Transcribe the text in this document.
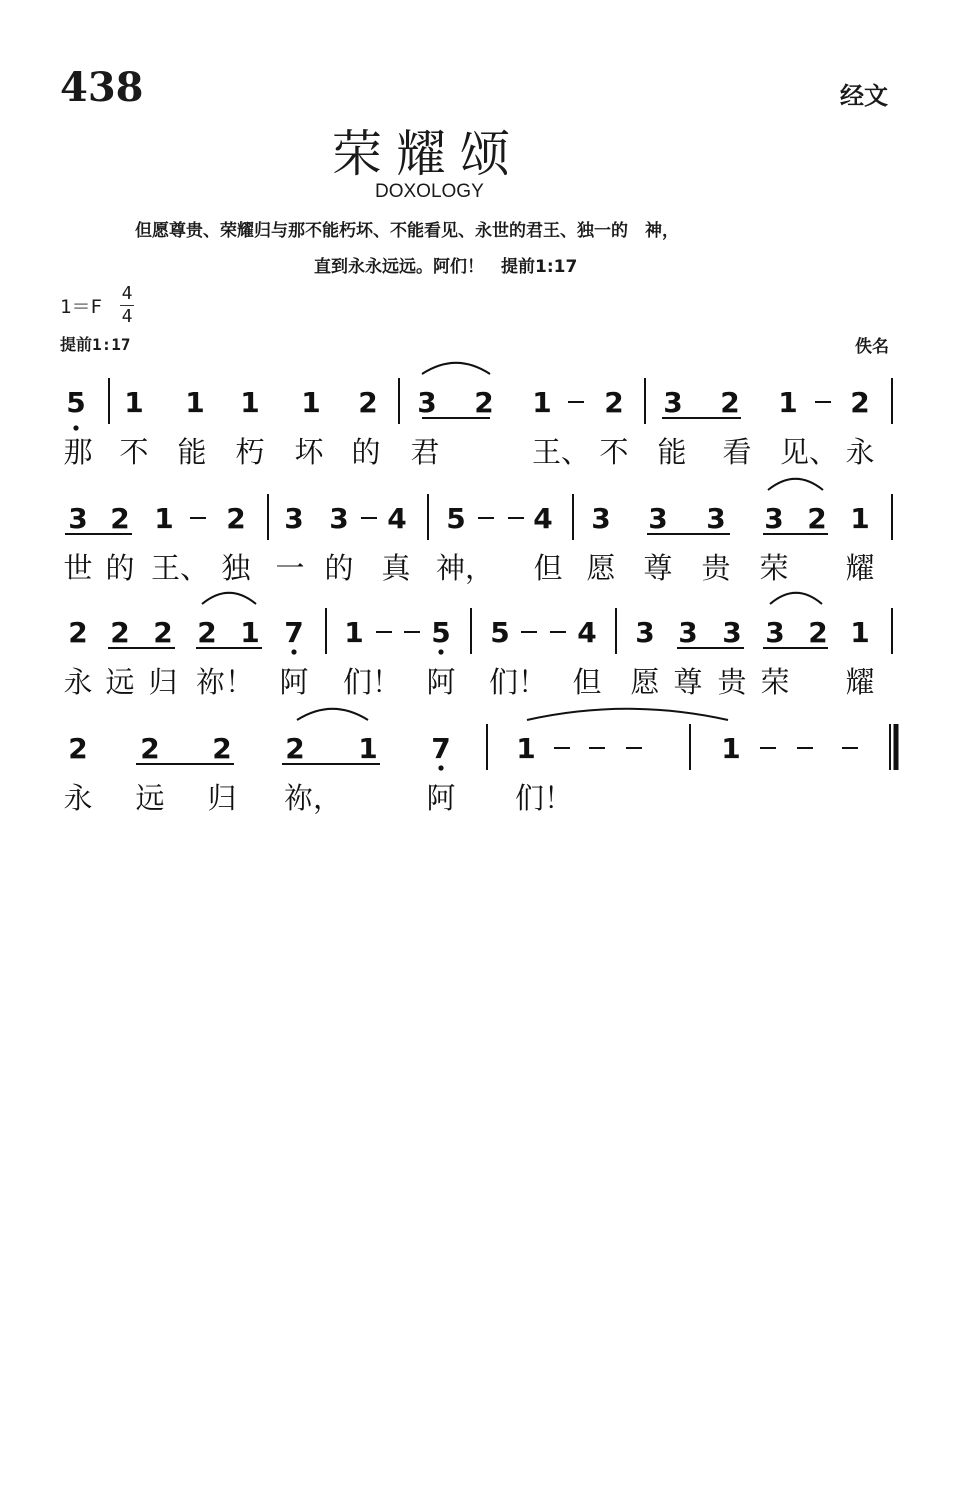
438	经文
荣耀颂
DOXOLOGY
但愿尊贵、荣耀归与那不能朽坏、不能看见、永世的君王、独一的　神，
直到永永远远。阿们！　提前1:17
1＝F
4
4
提前1:17	佚名
5 1 1 1 1 2 3 2 1 2 3 2 1 2
那 不 能 朽 坏 的 君	王、 不 能 看 见、 永
3 2 1 2 3 3 4 5 4 3 3 3 3 2 1
世 的 王、 独 一 的 真 神， 但 愿 尊 贵 荣 耀
2 2 2 2 1 7 1 5 5 4 3 3 3 3 2 1
永 远 归 祢！ 阿 们！ 阿 们！ 但 愿 尊 贵 荣 耀
2 2 2 2 1 7 1	1
永 远 归 祢，	阿 们！
